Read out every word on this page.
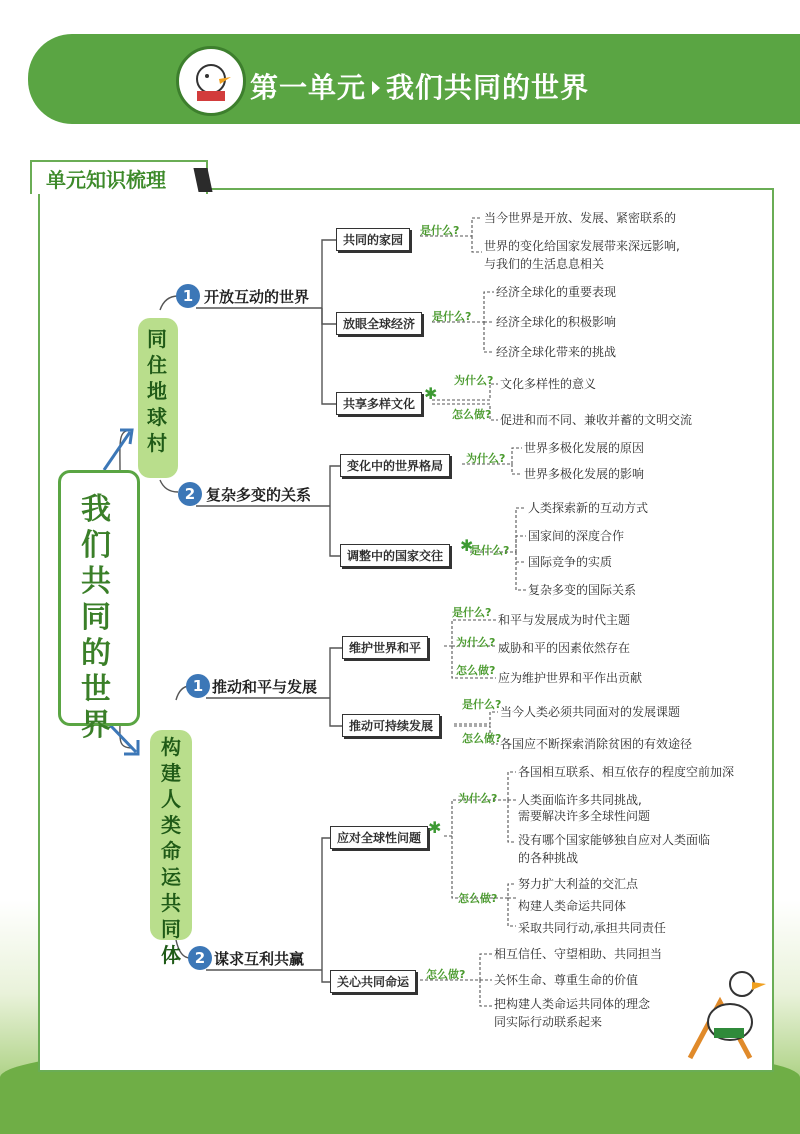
第一单元 我们共同的世界
单元知识梳理
我们共同的世界
同住地球村
1 开放互动的世界
共同的家园
是什么?
当今世界是开放、发展、紧密联系的
世界的变化给国家发展带来深远影响,
与我们的生活息息相关
放眼全球经济
是什么?
经济全球化的重要表现
经济全球化的积极影响
经济全球化带来的挑战
共享多样文化
✱
为什么? 文化多样性的意义
怎么做? 促进和而不同、兼收并蓄的文明交流
2 复杂多变的关系
变化中的世界格局
为什么?
世界多极化发展的原因
世界多极化发展的影响
调整中的国家交往
✱
是什么?
人类探索新的互动方式
国家间的深度合作
国际竞争的实质
复杂多变的国际关系
构建人类命运共同体
1 推动和平与发展
维护世界和平
是什么?
和平与发展成为时代主题
为什么? 威胁和平的因素依然存在
怎么做?
应为维护世界和平作出贡献
推动可持续发展
是什么?
当今人类必须共同面对的发展课题
怎么做?
各国应不断探索消除贫困的有效途径
2 谋求互利共赢
应对全球性问题
✱
为什么?
各国相互联系、相互依存的程度空前加深
人类面临许多共同挑战,
需要解决许多全球性问题
没有哪个国家能够独自应对人类面临
的各种挑战
怎么做?
努力扩大利益的交汇点
构建人类命运共同体
采取共同行动,承担共同责任
关心共同命运
怎么做?
相互信任、守望相助、共同担当
关怀生命、尊重生命的价值
把构建人类命运共同体的理念
同实际行动联系起来
